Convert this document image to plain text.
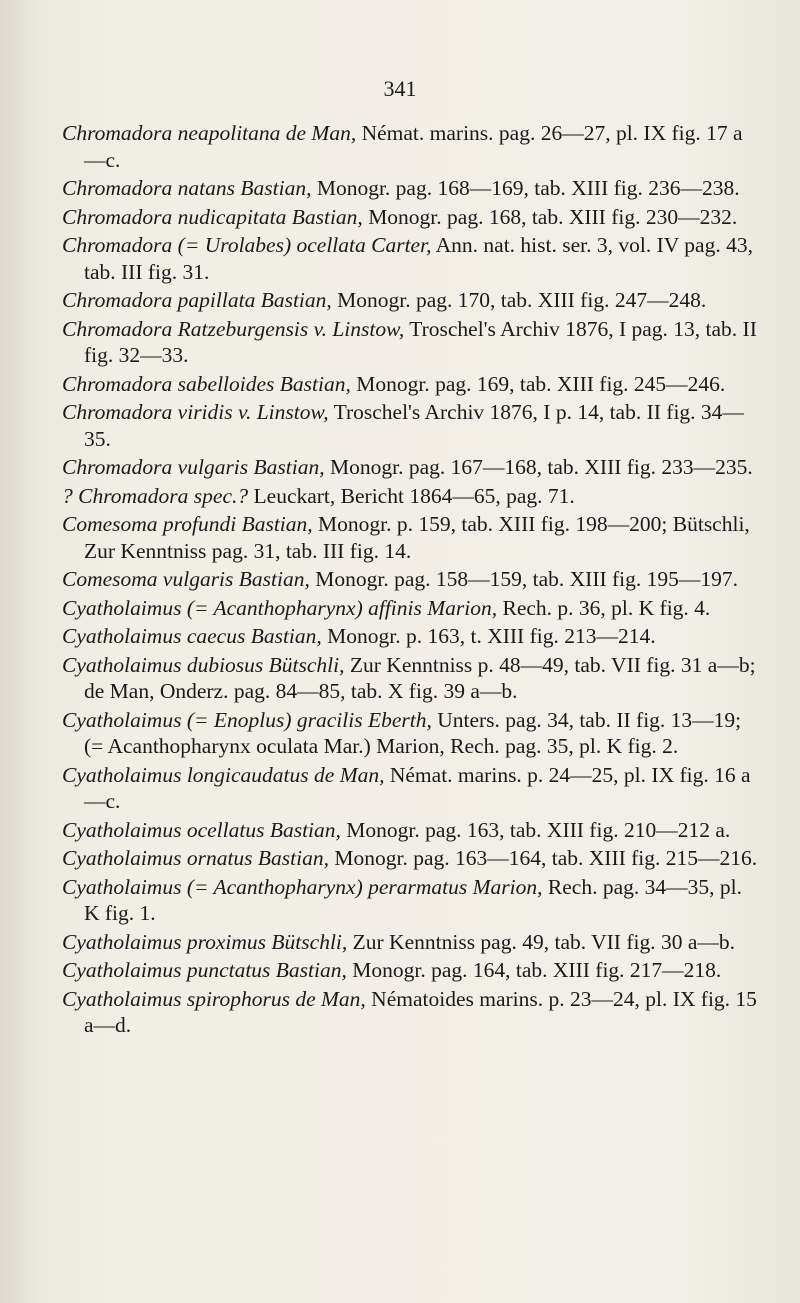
341

Chromadora neapolitana de Man, Némat. marins. pag. 26—27, pl. IX fig. 17 a—c.

Chromadora natans Bastian, Monogr. pag. 168—169, tab. XIII fig. 236—238.

Chromadora nudicapitata Bastian, Monogr. pag. 168, tab. XIII fig. 230—232.

Chromadora (= Urolabes) ocellata Carter, Ann. nat. hist. ser. 3, vol. IV pag. 43, tab. III fig. 31.

Chromadora papillata Bastian, Monogr. pag. 170, tab. XIII fig. 247—248.

Chromadora Ratzeburgensis v. Linstow, Troschel's Archiv 1876, I pag. 13, tab. II fig. 32—33.

Chromadora sabelloides Bastian, Monogr. pag. 169, tab. XIII fig. 245—246.

Chromadora viridis v. Linstow, Troschel's Archiv 1876, I p. 14, tab. II fig. 34—35.

Chromadora vulgaris Bastian, Monogr. pag. 167—168, tab. XIII fig. 233—235.

? Chromadora spec.? Leuckart, Bericht 1864—65, pag. 71.

Comesoma profundi Bastian, Monogr. p. 159, tab. XIII fig. 198—200; Bütschli, Zur Kenntniss pag. 31, tab. III fig. 14.

Comesoma vulgaris Bastian, Monogr. pag. 158—159, tab. XIII fig. 195—197.

Cyatholaimus (= Acanthopharynx) affinis Marion, Rech. p. 36, pl. K fig. 4.

Cyatholaimus caecus Bastian, Monogr. p. 163, t. XIII fig. 213—214.

Cyatholaimus dubiosus Bütschli, Zur Kenntniss p. 48—49, tab. VII fig. 31 a—b; de Man, Onderz. pag. 84—85, tab. X fig. 39 a—b.

Cyatholaimus (= Enoplus) gracilis Eberth, Unters. pag. 34, tab. II fig. 13—19; (= Acanthopharynx oculata Mar.) Marion, Rech. pag. 35, pl. K fig. 2.

Cyatholaimus longicaudatus de Man, Némat. marins. p. 24—25, pl. IX fig. 16 a—c.

Cyatholaimus ocellatus Bastian, Monogr. pag. 163, tab. XIII fig. 210—212 a.

Cyatholaimus ornatus Bastian, Monogr. pag. 163—164, tab. XIII fig. 215—216.

Cyatholaimus (= Acanthopharynx) perarmatus Marion, Rech. pag. 34—35, pl. K fig. 1.

Cyatholaimus proximus Bütschli, Zur Kenntniss pag. 49, tab. VII fig. 30 a—b.

Cyatholaimus punctatus Bastian, Monogr. pag. 164, tab. XIII fig. 217—218.

Cyatholaimus spirophorus de Man, Nématoides marins. p. 23—24, pl. IX fig. 15 a—d.
